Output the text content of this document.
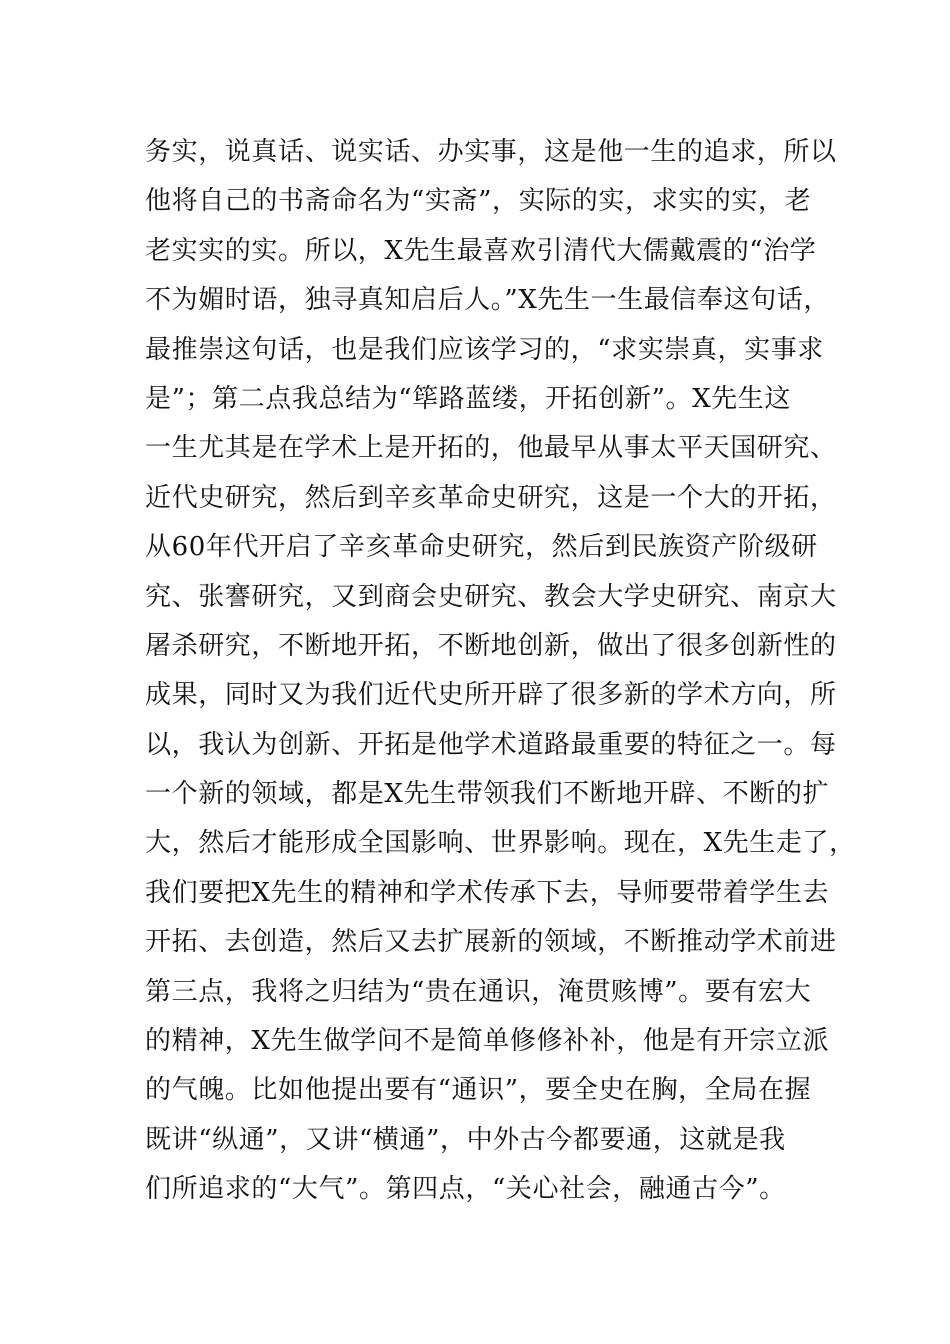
务实，说真话、说实话、办实事，这是他一生的追求，所以
他将自己的书斋命名为“实斋”，实际的实，求实的实，老
老实实的实。所以，X先生最喜欢引清代大儒戴震的“治学
不为媚时语，独寻真知启后人。”X先生一生最信奉这句话，
最推崇这句话，也是我们应该学习的，“求实崇真，实事求
是”；第二点我总结为“筚路蓝缕，开拓创新”。X先生这
一生尤其是在学术上是开拓的，他最早从事太平天国研究、
近代史研究，然后到辛亥革命史研究，这是一个大的开拓，
从60年代开启了辛亥革命史研究，然后到民族资产阶级研
究、张謇研究，又到商会史研究、教会大学史研究、南京大
屠杀研究，不断地开拓，不断地创新，做出了很多创新性的
成果，同时又为我们近代史所开辟了很多新的学术方向，所
以，我认为创新、开拓是他学术道路最重要的特征之一。每
一个新的领域，都是X先生带领我们不断地开辟、不断的扩
大，然后才能形成全国影响、世界影响。现在，X先生走了，
我们要把X先生的精神和学术传承下去，导师要带着学生去
开拓、去创造，然后又去扩展新的领域，不断推动学术前进
第三点，我将之归结为“贵在通识，淹贯赅博”。要有宏大
的精神，X先生做学问不是简单修修补补，他是有开宗立派
的气魄。比如他提出要有“通识”，要全史在胸，全局在握
既讲“纵通”，又讲“横通”，中外古今都要通，这就是我
们所追求的“大气”。第四点，“关心社会，融通古今”。
